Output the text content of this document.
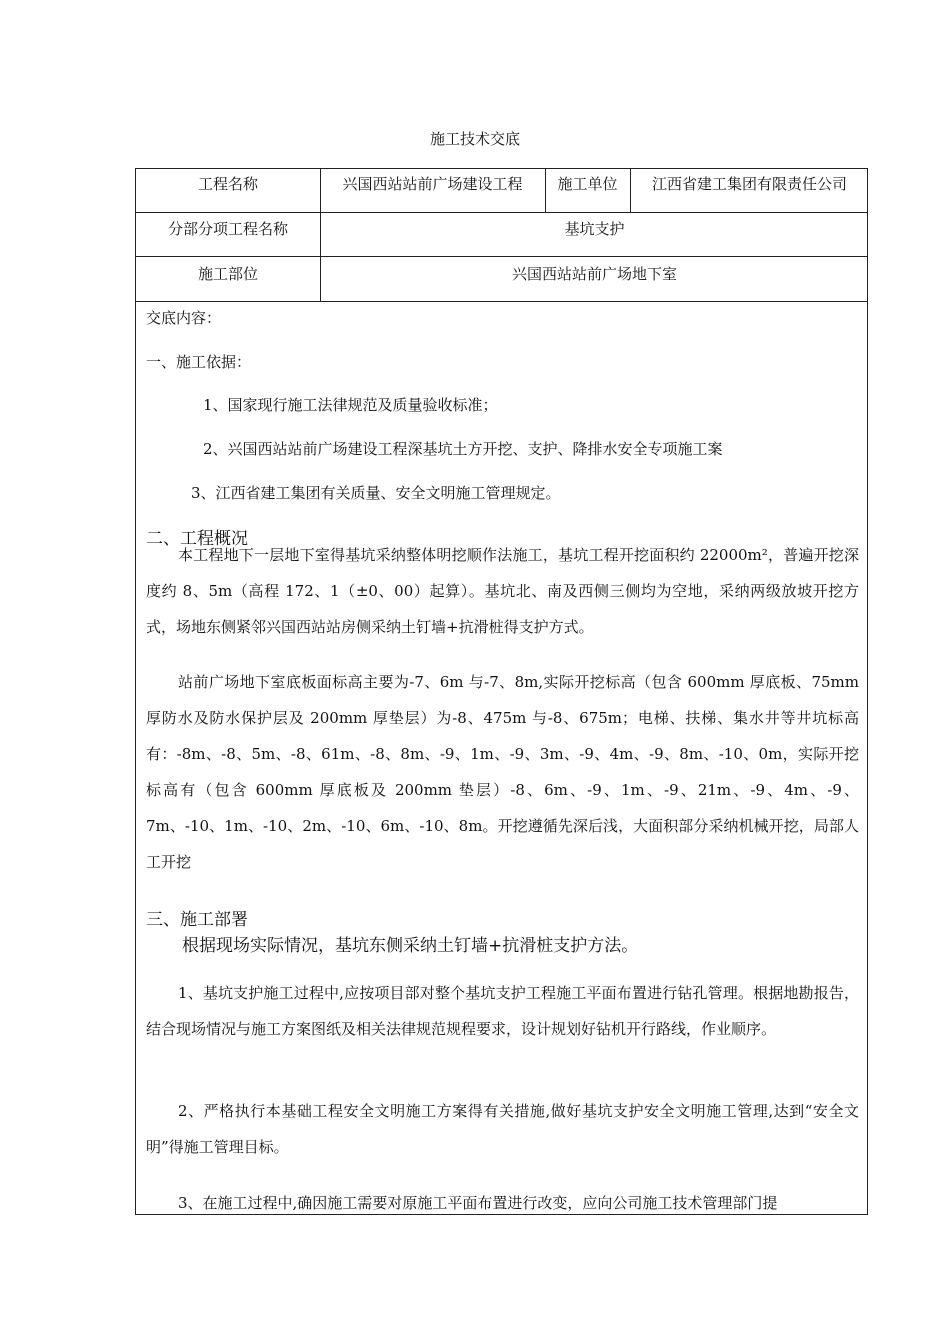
施工技术交底
工程名称	兴国西站站前广场建设工程	施工单位	江西省建工集团有限责任公司
分部分项工程名称	基坑支护
施工部位	兴国西站站前广场地下室
交底内容：
一、施工依据：
1、国家现行施工法律规范及质量验收标准；
2、兴国西站站前广场建设工程深基坑土方开挖、支护、降排水安全专项施工案
3、江西省建工集团有关质量、安全文明施工管理规定。
二、工程概况
本工程地下一层地下室得基坑采纳整体明挖顺作法施工，基坑工程开挖面积约 22000m²，普遍开挖深度约 8、5m（高程 172、1（±0、00）起算）。基坑北、南及西侧三侧均为空地，采纳两级放坡开挖方式，场地东侧紧邻兴国西站站房侧采纳土钉墙+抗滑桩得支护方式。
站前广场地下室底板面标高主要为-7、6m 与-7、8m,实际开挖标高（包含 600mm 厚底板、75mm 厚防水及防水保护层及 200mm 厚垫层）为-8、475m 与-8、675m；电梯、扶梯、集水井等井坑标高有：-8m、-8、5m、-8、61m、-8、8m、-9、1m、-9、3m、-9、4m、-9、8m、-10、0m，实际开挖标高有（包含 600mm 厚底板及 200mm 垫层）-8、6m、-9、1m、-9、21m、-9、4m、-9、7m、-10、1m、-10、2m、-10、6m、-10、8m。开挖遵循先深后浅，大面积部分采纳机械开挖，局部人工开挖
三、施工部署
根据现场实际情况，基坑东侧采纳土钉墙+抗滑桩支护方法。
1、基坑支护施工过程中,应按项目部对整个基坑支护工程施工平面布置进行钻孔管理。根据地勘报告，结合现场情况与施工方案图纸及相关法律规范规程要求，设计规划好钻机开行路线，作业顺序。
2、严格执行本基础工程安全文明施工方案得有关措施,做好基坑支护安全文明施工管理,达到“安全文明”得施工管理目标。
3、在施工过程中,确因施工需要对原施工平面布置进行改变，应向公司施工技术管理部门提
